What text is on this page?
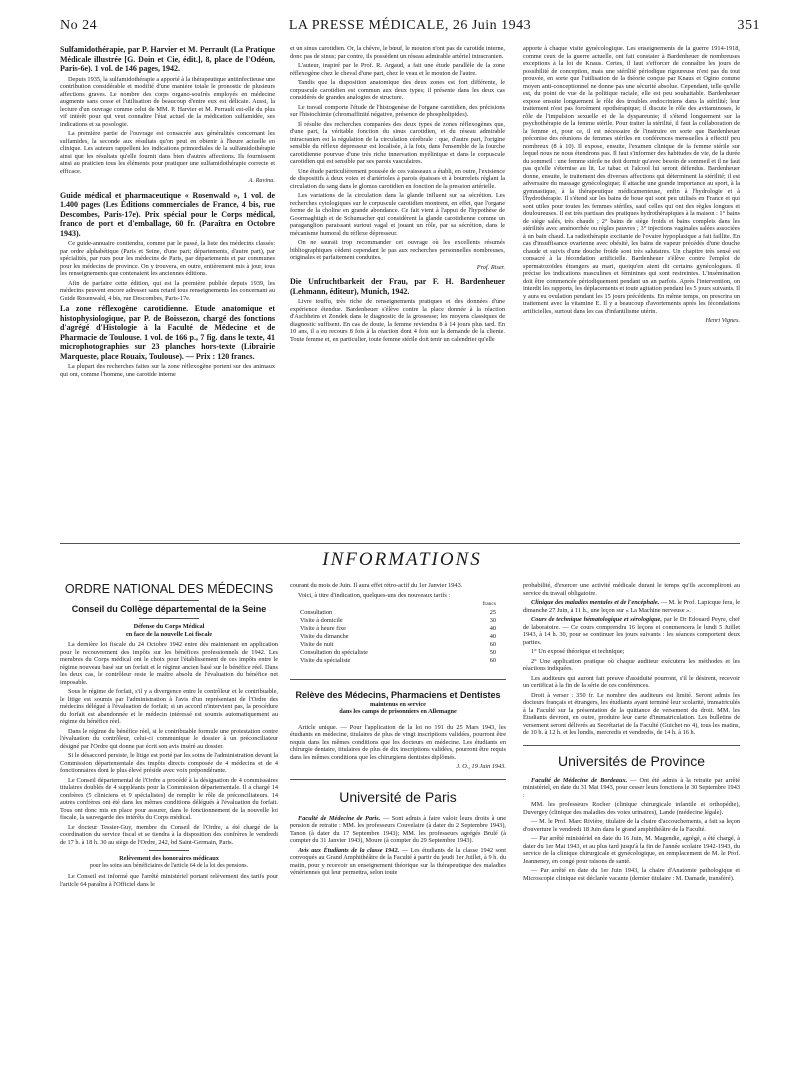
No 24	LA PRESSE MÉDICALE, 26 Juin 1943	351

Sulfamidothérapie, par P. Harvier et M. Perrault (La Pratique Médicale illustrée [G. Doin et Cie, édit.], 8, place de l'Odéon, Paris-6e). 1 vol. de 146 pages, 1942.

Depuis 1935, la sulfamidothérapie a apporté à la thérapeutique antiinfectieuse une contribution considérable et modifié d'une manière totale le pronostic de plusieurs affections graves. Le nombre des corps organo-soufrés employés en médecine augmente sans cesse et l'utilisation de beaucoup d'entre eux est délicate. Aussi, la lecture d'un ouvrage comme celui de MM. P. Harvier et M. Perrault est-elle du plus vif intérêt pour qui veut connaître l'état actuel de la médication sulfamidée, ses indications et sa posologie.

La première partie de l'ouvrage est consacrée aux généralités concernant les sulfamides, la seconde aux résultats qu'on peut en obtenir à l'heure actuelle en clinique. Les auteurs rappellent les indications primordiales de la sulfamidothérapie ainsi que les résultats qu'elle fournit dans bien d'autres affections. Ils fournissent ainsi au praticien tous les éléments pour pratiquer une sulfamidothérapie correcte et efficace.

A. Ravina.

Guide médical et pharmaceutique « Rosenwald », 1 vol. de 1.400 pages (Les Éditions commerciales de France, 4 bis, rue Descombes, Paris-17e). Prix spécial pour le Corps médical, franco de port et d'emballage, 60 fr. (Paraîtra en Octobre 1943).

Ce guide-annuaire contiendra, comme par le passé, la liste des médecins classés: par ordre alphabétique (Paris et Seine, d'une part; départements, d'autre part), par spécialités, par rues pour les médecins de Paris, par départements et par communes pour les médecins de province. On y trouvera, en outre, entièrement mis à jour, tous les renseignements que contenaient les anciennes éditions.

Afin de parfaire cette édition, qui est la première publiée depuis 1939, les médecins peuvent encore adresser sans retard tous renseignements les concernant au Guide Rosenwald, 4 bis, rue Descombes, Paris-17e.

La zone réflexogène carotidienne. Etude anatomique et histophysiologique, par P. de Boissezon, chargé des fonctions d'agrégé d'Histologie à la Faculté de Médecine et de Pharmacie de Toulouse. 1 vol. de 166 p., 7 fig. dans le texte, 41 microphotographies sur 23 planches hors-texte (Librairie Marqueste, place Rouaix, Toulouse). — Prix : 120 francs.

La plupart des recherches faites sur la zone réflexogène portent sur des animaux qui ont, comme l'homme, une carotide interne

et un sinus carotidien. Or, la chèvre, le bœuf, le mouton n'ont pas de carotide interne, donc pas de sinus; par contre, ils possèdent un réseau admirable artériel intracranien.

L'auteur, inspiré par le Prof. R. Argaud, a fait une étude parallèle de la zone réflexogène chez le cheval d'une part, chez le veau et le mouton de l'autre.

Tandis que la disposition anatomique des deux zones est fort différente, le corpuscule carotidien est commun aux deux types; il présente dans les deux cas considérés de grandes analogies de structure.

Le travail comporte l'étude de l'histogenèse de l'organe carotidien, des précisions sur l'histochimie (chromaffinité négative, présence de phospholipides).

Il résulte des recherches comparées des deux types de zones réflexogènes que, d'une part, la véritable fonction du sinus carotidien, et du réseau admirable intracranien est la régulation de la circulation cérébrale : que, d'autre part, l'origine sensible du réflexe dépresseur est localisée, à la fois, dans l'ensemble de la fourche carotidienne pourvue d'une très riche innervation myélinique et dans le corpuscule carotidien qui est sensible par ses parois vasculaires.

Une étude particulièrement poussée de ces vaisseaux a établi, en outre, l'existence de dispositifs à deux voies et d'artérioles à parois épaisses et à bourrelets réglant la circulation du sang dans le glomus carotidien en fonction de la pression artérielle.

Les variations de la circulation dans la glande influent sur sa sécrétion. Les recherches cytologiques sur le corpuscule carotidien montrent, en effet, que l'organe forme de la choline en grande abondance. Ce fait vient à l'appui de l'hypothèse de Goormaghtigh et de Schumacher qui considèrent la glande carotidienne comme un paraganglion paraissant surtout vagal et jouant un rôle, par sa sécrétion, dans le mécanisme humoral du réflexe dépresseur.

On ne saurait trop recommander cet ouvrage où les excellents résumés bibliographiques cèdent cependant le pas aux recherches personnelles nombreuses, originales et parfaitement conduites.

Prof. Riser.

Die Unfruchtbarkeit der Frau, par F. H. Bardenheuer (Lehmann, éditeur), Munich, 1942.

Livre touffu, très riche de renseignements pratiques et des données d'une expérience étendue. Bardenheuer s'élève contre la place donnée à la réaction d'Aschheim et Zondek dans le diagnostic de la grossesse; les moyens classiques de diagnostic suffisent. En cas de doute, la femme reviendra 8 à 14 jours plus tard. En 10 ans, il a eu recours 8 fois à la réaction dont 4 fois sur la demande de la cliente. Toute femme et, en particulier, toute femme stérile doit tenir un calendrier qu'elle

apporte à chaque visite gynécologique. Les enseignements de la guerre 1914-1918, comme ceux de la guerre actuelle, ont fait constater à Bardenheuer de nombreuses exceptions à la loi de Knaus. Certes, il faut s'efforcer de connaître les jours de possibilité de conception, mais une stérilité périodique rigoureuse n'est pas du tout prouvée, en sorte que l'utilisation de la théorie conçue par Knaus et Ogino comme moyen anti-conceptionnel ne donne pas une sécurité absolue. Cependant, telle qu'elle est, du point de vue de la politique raciale, elle est peu souhaitable. Bardenheuer expose ensuite longuement le rôle des troubles endocriniens dans la stérilité; leur traitement n'est pas forcément opothérapique; il discute le rôle des avitaminoses, le rôle de l'impulsion sexuelle et de la dyspareunie; il s'étend longuement sur la psychothérapie de la femme stérile. Pour traiter la stérilité, il faut la collaboration de la femme et, pour ce, il est nécessaire de l'instruire en sorte que Bardenheuer préconise des réunions de femmes stériles en conférences mensuelles à effectif peu nombreux (8 à 10). Il expose, ensuite, l'examen clinique de la femme stérile sur lequel nous ne nous étendrons pas. Il faut s'informer des habitudes de vie, de la durée du sommeil : une femme stérile ne doit dormir qu'avec besoin de sommeil et il ne faut pas qu'elle s'éternise au lit. Le tabac et l'alcool lui seront défendus. Bardenheuer donne, ensuite, le traitement des diverses affections qui déterminent la stérilité; il est adversaire du massage gynécologique; il attache une grande importance au sport, à la gymnastique, à la thérapeutique médicamenteuse, enfin à l'hydrologie et à l'hydrothérapie. Il s'étend sur les bains de boue qui sont peu utilisés en France et qui sont utiles pour toutes les femmes stériles, sauf celles qui ont des règles longues et douloureuses. Il est très partisan des pratiques hydrothérapiques à la maison : 1° bains de siège salés, très chauds ; 2° bains de siège froids et bains complets dans les stérilités avec aménorrhée ou règles pauvres ; 3° injections vaginales salées associées à un bain chaud. La radiothérapie excitante de l'ovaire hypoplasique a fait faillite. En cas d'insuffisance ovarienne avec obésité, les bains de vapeur précédés d'une douche chaude et suivis d'une douche froide sont très salutaires. Un chapitre très sensé est consacré à la fécondation artificielle. Bardenheuer s'élève contre l'emploi de spermatozoïdes étrangers au mari, quoiqu'en aient dit certains gynécologues. Il précise les indications masculines et féminines qui sont restreintes. L'insémination doit être commencée périodiquement pendant un an parfois. Après l'intervention, on interdit les rapports, les déplacements et toute agitation pendant les 5 jours suivants. Il y aura eu ovulation pendant les 15 jours précédents. En même temps, on prescrira un traitement avec la vitamine E. Il y a beaucoup d'avortements après les fécondations artificielles, surtout dans les cas d'infantilisme utérin.

Henri Vignes.
INFORMATIONS
ORDRE NATIONAL DES MÉDECINS
Conseil du Collège départemental de la Seine
Défense du Corps Médical
en face de la nouvelle Loi fiscale

La dernière loi fiscale du 24 Octobre 1942 entre dès maintenant en application pour le recouvrement des impôts sur les bénéfices professionnels de 1942. Les membres du Corps médical ont le choix pour l'établissement de ces impôts entre le régime nouveau basé sur un forfait et le régime ancien basé sur le bénéfice réel. Dans les deux cas, le contrôleur reste le maître absolu de l'évaluation du bénéfice net imposable.

Sous le régime de forfait, s'il y a divergence entre le contrôleur et le contribuable, le litige est soumis par l'administration à l'avis d'un représentant de l'Ordre des médecins délégué à l'évaluation de forfait; si un accord n'intervient pas, la procédure du forfait est abandonnée et le médecin intéressé est soumis automatiquement au régime du bénéfice réel.

Dans le régime du bénéfice réel, si le contribuable formule une protestation contre l'évaluation du contrôleur, celui-ci communique le dossier à un préconciliateur désigné par l'Ordre qui donne par écrit son avis inséré au dossier.

Si le désaccord persiste, le litige est porté par les soins de l'administration devant la Commission départementale des impôts directs composée de 4 médecins et de 4 fonctionnaires dont le plus élevé préside avec voix prépondérante.

Le Conseil départemental de l'Ordre a procédé à la désignation de 4 commissaires titulaires doublés de 4 suppléants pour la Commission départementale. Il a chargé 14 confrères (5 cliniciens et 9 spécialistes) de remplir le rôle de préconciliateurs. 14 autres confrères ont été dans les mêmes conditions délégués à l'évaluation du forfait. Tous ont donc mis en place pour assurer, dans le fonctionnement de la nouvelle loi fiscale, la sauvegarde des intérêts du Corps médical.

Le docteur Tessier-Guy, membre du Conseil de l'Ordre, a été chargé de la coordination du service fiscal et se tiendra à la disposition des confrères le vendredi de 17 h. à 18 h. 30 au siège de l'Ordre, 242, bd Saint-Germain, Paris.

Relèvement des honoraires médicaux
pour les soins aux bénéficiaires de l'article 64 de la loi des pensions.

Le Conseil est informé que l'arrêté ministériel portant relèvement des tarifs pour l'article 64 paraîtra à l'Officiel dans le

courant du mois de Juin. Il aura effet rétro-actif du 1er Janvier 1943.

Voici, à titre d'indication, quelques-uns des nouveaux tarifs :

francs
Consultation	25
Visite à domicile	30
Visite à heure fixe	40
Visite du dimanche	40
Visite de nuit	60
Consultation du spécialiste	50
Visite du spécialiste	60
Relève des Médecins, Pharmaciens et Dentistes
maintenus en service
dans les camps de prisonniers en Allemagne

Article unique. — Pour l'application de la loi no 191 du 25 Mars 1943, les étudiants en médecine, titulaires de plus de vingt inscriptions validées, pourront être requis dans les mêmes conditions que les docteurs en médecine. Les étudiants en chirurgie dentaire, titulaires de plus de dix inscriptions validées, pourront être requis dans les mêmes conditions que les chirurgiens dentistes diplômés.

J. O., 19 Juin 1943.
Université de Paris

Faculté de Médecine de Paris. — Sont admis à faire valoir leurs droits à une pension de retraite : MM. les professeurs Couvelaire (à dater du 2 Septembre 1943), Tanon (à dater du 17 Septembre 1943); MM. les professeurs agrégés Brulé (à compter du 31 Janvier 1943), Moure (à compter du 29 Septembre 1943).

Avis aux Étudiants de la classe 1942. — Les étudiants de la classe 1942 sont convoqués au Grand Amphithéâtre de la Faculté à partir du jeudi 1er Juillet, à 9 h. du matin, pour y recevoir un enseignement théorique sur la thérapeutique des maladies vénériennes qui leur permettra, selon toute

probabilité, d'exercer une activité médicale durant le temps qu'ils accompliront au service du travail obligatoire.

Clinique des maladies mentales et de l'encéphale. — M. le Prof. Lapicque fera, le dimanche 27 Juin, à 11 h., une leçon sur « La Machine nerveuse ».

Cours de technique hématologique et sérologique, par le Dr Edouard Peyre, chef de laboratoire. — Ce cours comprendra 16 leçons et commencera le lundi 5 Juillet 1943, à 14 h. 30, pour se continuer les jours suivants : les séances comportent deux parties.

1° Un exposé théorique et technique;

2° Une application pratique où chaque auditeur exécutera les méthodes et les réactions indiquées.

Les auditeurs qui auront fait preuve d'assiduité pourront, s'il le désirent, recevoir un certificat à la fin de la série de ces conférences.

Droit à verser : 350 fr. Le nombre des auditeurs est limité. Seront admis les docteurs français et étrangers, les étudiants ayant terminé leur scolarité, immatriculés à la Faculté sur la présentation de la quittance de versement du droit. MM. les Étudiants devront, en outre, produire leur carte d'immatriculation. Les bulletins de versement seront délivrés au Secrétariat de la Faculté (Guichet no 4), tous les matins, de 10 h. à 12 h. et les lundis, mercredis et vendredis, de 14 h. à 16 h.

Universités de Province

Faculté de Médecine de Bordeaux. — Ont été admis à la retraite par arrêté ministériel, en date du 31 Mai 1943, pour cesser leurs fonctions le 30 Septembre 1943 :

MM. les professeurs Rocher (clinique chirurgicale infantile et orthopédie), Duvergey (clinique des maladies des voies urinaires), Lande (médecine légale).

— M. le Prof. Marc Rivière, titulaire de la chaire d'accouchements, a fait sa leçon d'ouverture le vendredi 18 Juin dans le grand amphithéâtre de la Faculté.

— Par arrêté ministériel en date du 16 Juin, M. Magendie, agrégé, a été chargé, à dater du 1er Mai 1943, et au plus tard jusqu'à la fin de l'année scolaire 1942-1943, du service de la clinique chirurgicale et gynécologique, en remplacement de M. le Prof. Jeanneney, en congé pour raisons de santé.

— Par arrêté en date du 1er Juin 1943, la chaire d'Anatomie pathologique et Microscopie clinique est déclarée vacante (dernier titulaire : M. Damade, transféré).
